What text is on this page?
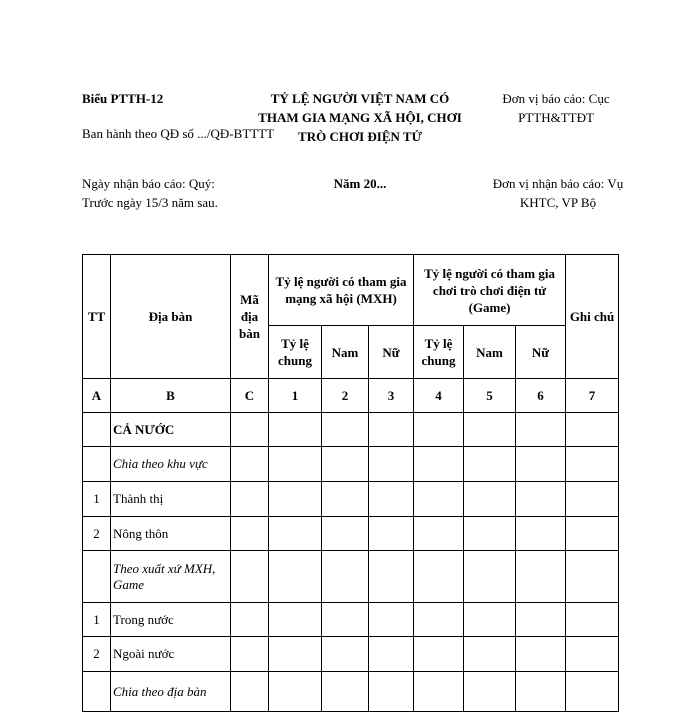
Biểu PTTH-12
Ban hành theo QĐ số .../QĐ-BTTTT
TỶ LỆ NGƯỜI VIỆT NAM CÓ
THAM GIA MẠNG XÃ HỘI, CHƠI
TRÒ CHƠI ĐIỆN TỬ
Đơn vị báo cáo: Cục
PTTH&TTĐT
Ngày nhận báo cáo: Quý:
Trước ngày 15/3 năm sau.
Năm 20...	Đơn vị nhận báo cáo: Vụ
KHTC, VP Bộ
TT	Địa bàn	Mã địa bàn	Tỷ lệ người có tham gia mạng xã hội (MXH)			Tỷ lệ người có tham gia chơi trò chơi điện tử (Game)			Ghi chú
			Tỷ lệ chung	Nam	Nữ	Tỷ lệ chung	Nam	Nữ	
A	B	C	1	2	3	4	5	6	7
	CẢ NƯỚC								
	Chia theo khu vực								
1	Thành thị								
2	Nông thôn								
	Theo xuất xứ MXH, Game								
1	Trong nước								
2	Ngoài nước								
	Chia theo địa bàn								
